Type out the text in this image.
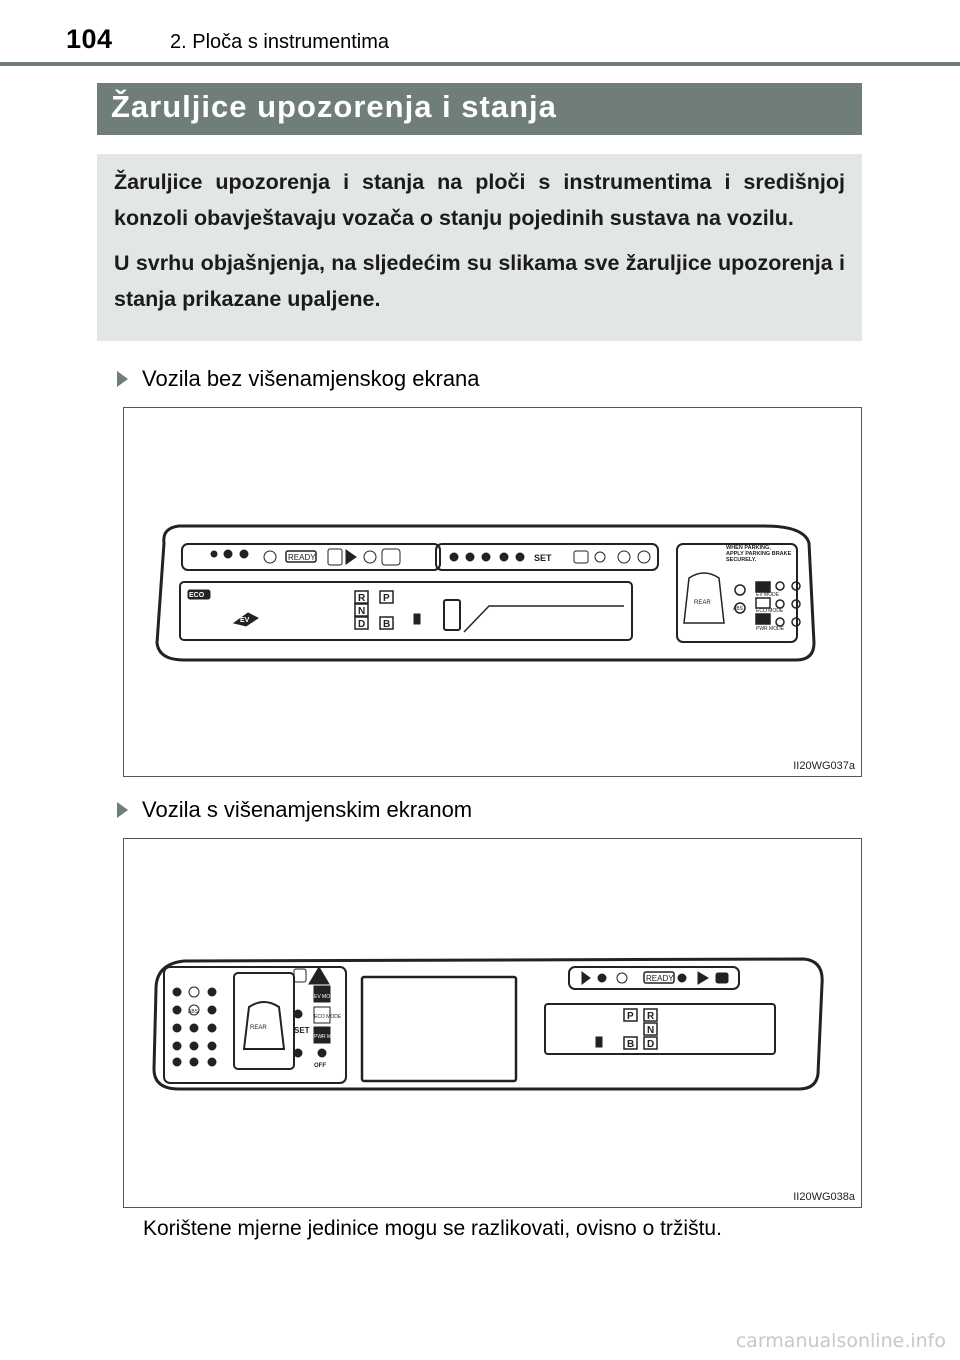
104	2. Ploča s instrumentima
Žaruljice upozorenja i stanja

Žaruljice upozorenja i stanja na ploči s instrumentima i središnjoj konzoli obavještavaju vozača o stanju pojedinih sustava na vozilu.

U svrhu objašnjenja, na sljedećim su slikama sve žaruljice upozorenja i stanja prikazane upaljene.

Vozila bez višenamjenskog ekrana
ECO
EV
READY	SET
R P
N
D B
WHEN PARKING,
APPLY PARKING BRAKE
SECURELY.
REAR
ABS
EV MODE
ECO MODE
PWR MODE
II20WG037a
Vozila s višenamjenskim ekranom
READY
SET
REAR
ABS
EV MODE
ECO MODE
PWR MODE
OFF
P R
N
B D
II20WG038a
Korištene mjerne jedinice mogu se razlikovati, ovisno o tržištu.
carmanualsonline.info
